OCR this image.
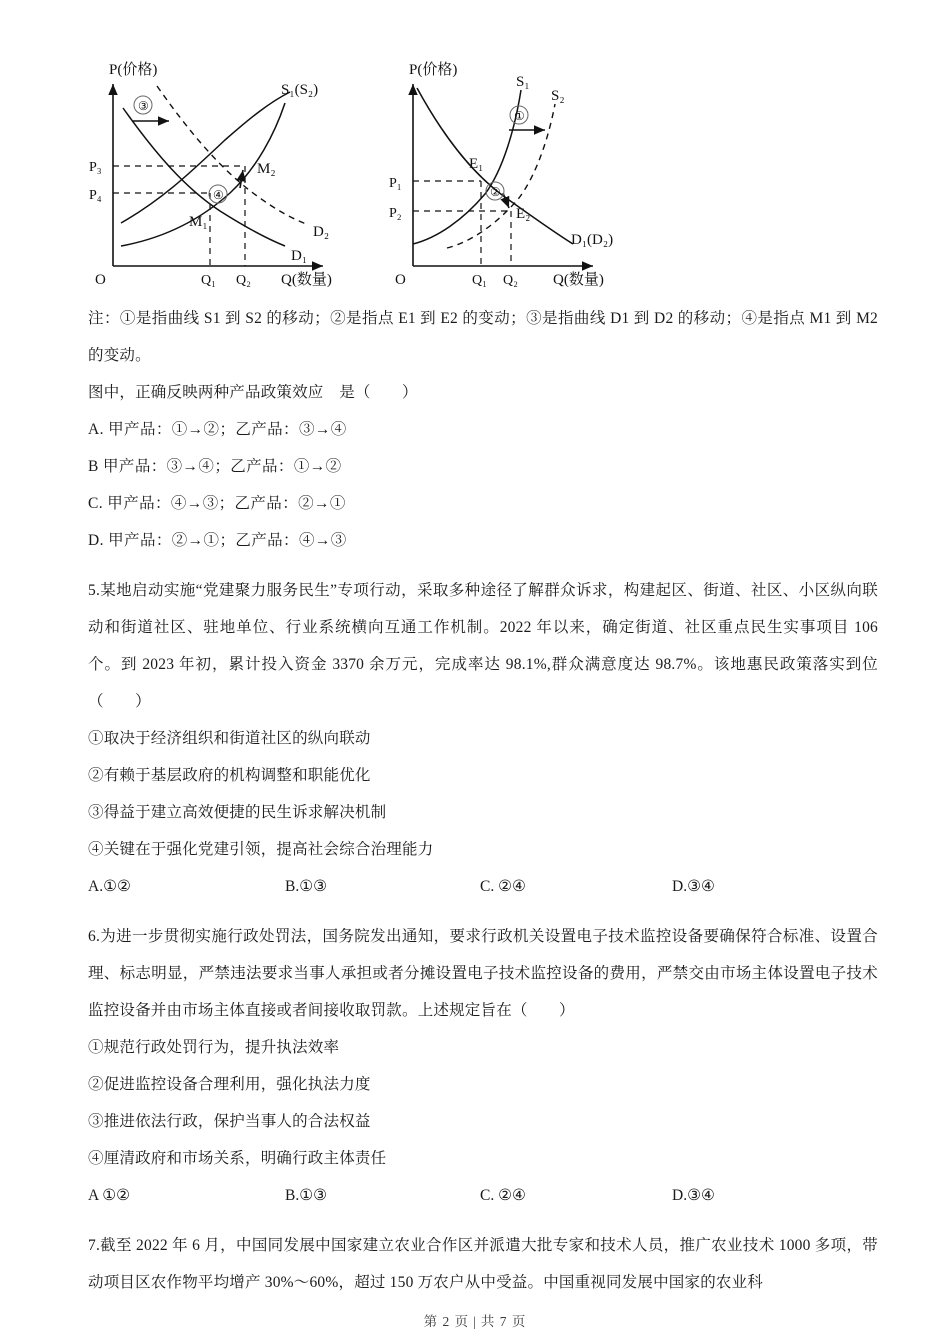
P(价格)
Q(数量)
O
P₃
P₄
Q₁ Q₂
S₁(S₂)
D₂
D₁
M₂
M₁
③
④
P(价格)
Q(数量)
O
P₁
P₂
Q₁ Q₂
S₁
S₂
D₁(D₂)
E₁
E₂
①
②

注：①是指曲线 S1 到 S2 的移动；②是指点 E1 到 E2 的变动；③是指曲线 D1 到 D2 的移动；④是指点 M1 到 M2 的变动。

图中，正确反映两种产品政策效应　是（　　）

A. 甲产品：①→②；乙产品：③→④

B 甲产品：③→④；乙产品：①→②

C. 甲产品：④→③；乙产品：②→①

D. 甲产品：②→①；乙产品：④→③

5.某地启动实施“党建聚力服务民生”专项行动，采取多种途径了解群众诉求，构建起区、街道、社区、小区纵向联动和街道社区、驻地单位、行业系统横向互通工作机制。2022 年以来，确定街道、社区重点民生实事项目 106 个。到 2023 年初，累计投入资金 3370 余万元，完成率达 98.1%,群众满意度达 98.7%。该地惠民政策落实到位（　　）

①取决于经济组织和街道社区的纵向联动

②有赖于基层政府的机构调整和职能优化

③得益于建立高效便捷的民生诉求解决机制

④关键在于强化党建引领，提高社会综合治理能力

A.①②	B.①③	C. ②④	D.③④

6.为进一步贯彻实施行政处罚法，国务院发出通知，要求行政机关设置电子技术监控设备要确保符合标准、设置合理、标志明显，严禁违法要求当事人承担或者分摊设置电子技术监控设备的费用，严禁交由市场主体设置电子技术监控设备并由市场主体直接或者间接收取罚款。上述规定旨在（　　）

①规范行政处罚行为，提升执法效率

②促进监控设备合理利用，强化执法力度

③推进依法行政，保护当事人的合法权益

④厘清政府和市场关系，明确行政主体责任

A ①②	B.①③	C. ②④	D.③④

7.截至 2022 年 6 月，中国同发展中国家建立农业合作区并派遣大批专家和技术人员，推广农业技术 1000 多项，带动项目区农作物平均增产 30%～60%，超过 150 万农户从中受益。中国重视同发展中国家的农业科

第 2 页 | 共 7 页
